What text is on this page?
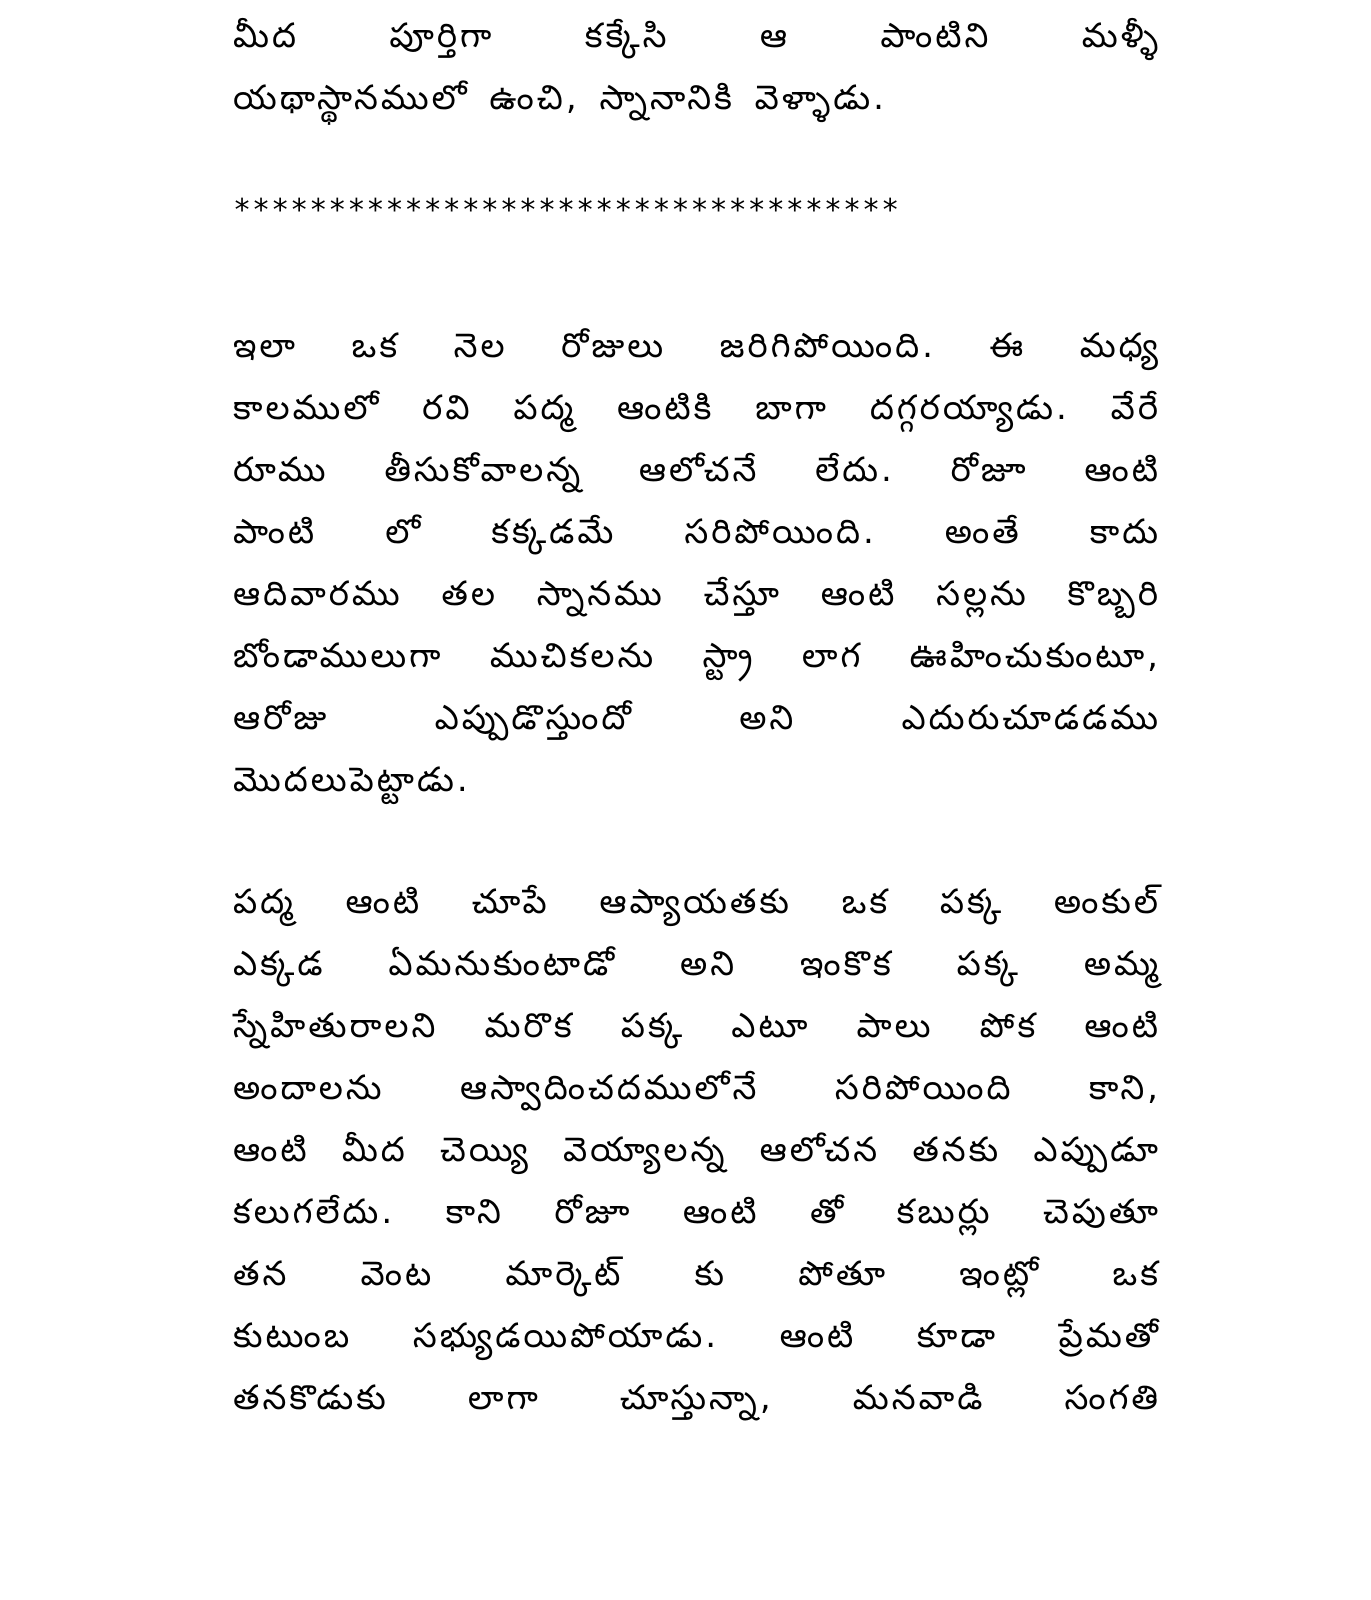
మీద పూర్తిగా కక్కేసి ఆ పాంటిని మళ్ళీ
యథాస్థానములో ఉంచి, స్నానానికి వెళ్ళాడు.
***********************************
ఇలా ఒక నెల రోజులు జరిగిపోయింది. ఈ మధ్య
కాలములో రవి పద్మ ఆంటికి బాగా దగ్గరయ్యాడు. వేరే
రూము తీసుకోవాలన్న ఆలోచనే లేదు. రోజూ ఆంటి
పాంటి లో కక్కడమే సరిపోయింది. అంతే కాదు
ఆదివారము తల స్నానము చేస్తూ ఆంటి సల్లను కొబ్బరి
బోండాములుగా ముచికలను స్ట్రా లాగ ఊహించుకుంటూ,
ఆరోజు ఎప్పుడొస్తుందో అని ఎదురుచూడడము
మొదలుపెట్టాడు.
పద్మ ఆంటి చూపే ఆప్యాయతకు ఒక పక్క అంకుల్
ఎక్కడ ఏమనుకుంటాడో అని ఇంకొక పక్క అమ్మ
స్నేహితురాలని మరొక పక్క ఎటూ పాలు పోక ఆంటి
అందాలను ఆస్వాదించదములోనే సరిపోయింది కాని,
ఆంటి మీద చెయ్యి వెయ్యాలన్న ఆలోచన తనకు ఎప్పుడూ
కలుగలేదు. కాని రోజూ ఆంటి తో కబుర్లు చెపుతూ
తన వెంట మార్కెట్ కు పోతూ ఇంట్లో ఒక
కుటుంబ సభ్యుడయిపోయాడు. ఆంటి కూడా ప్రేమతో
తనకొడుకు లాగా చూస్తున్నా, మనవాడి సంగతి
